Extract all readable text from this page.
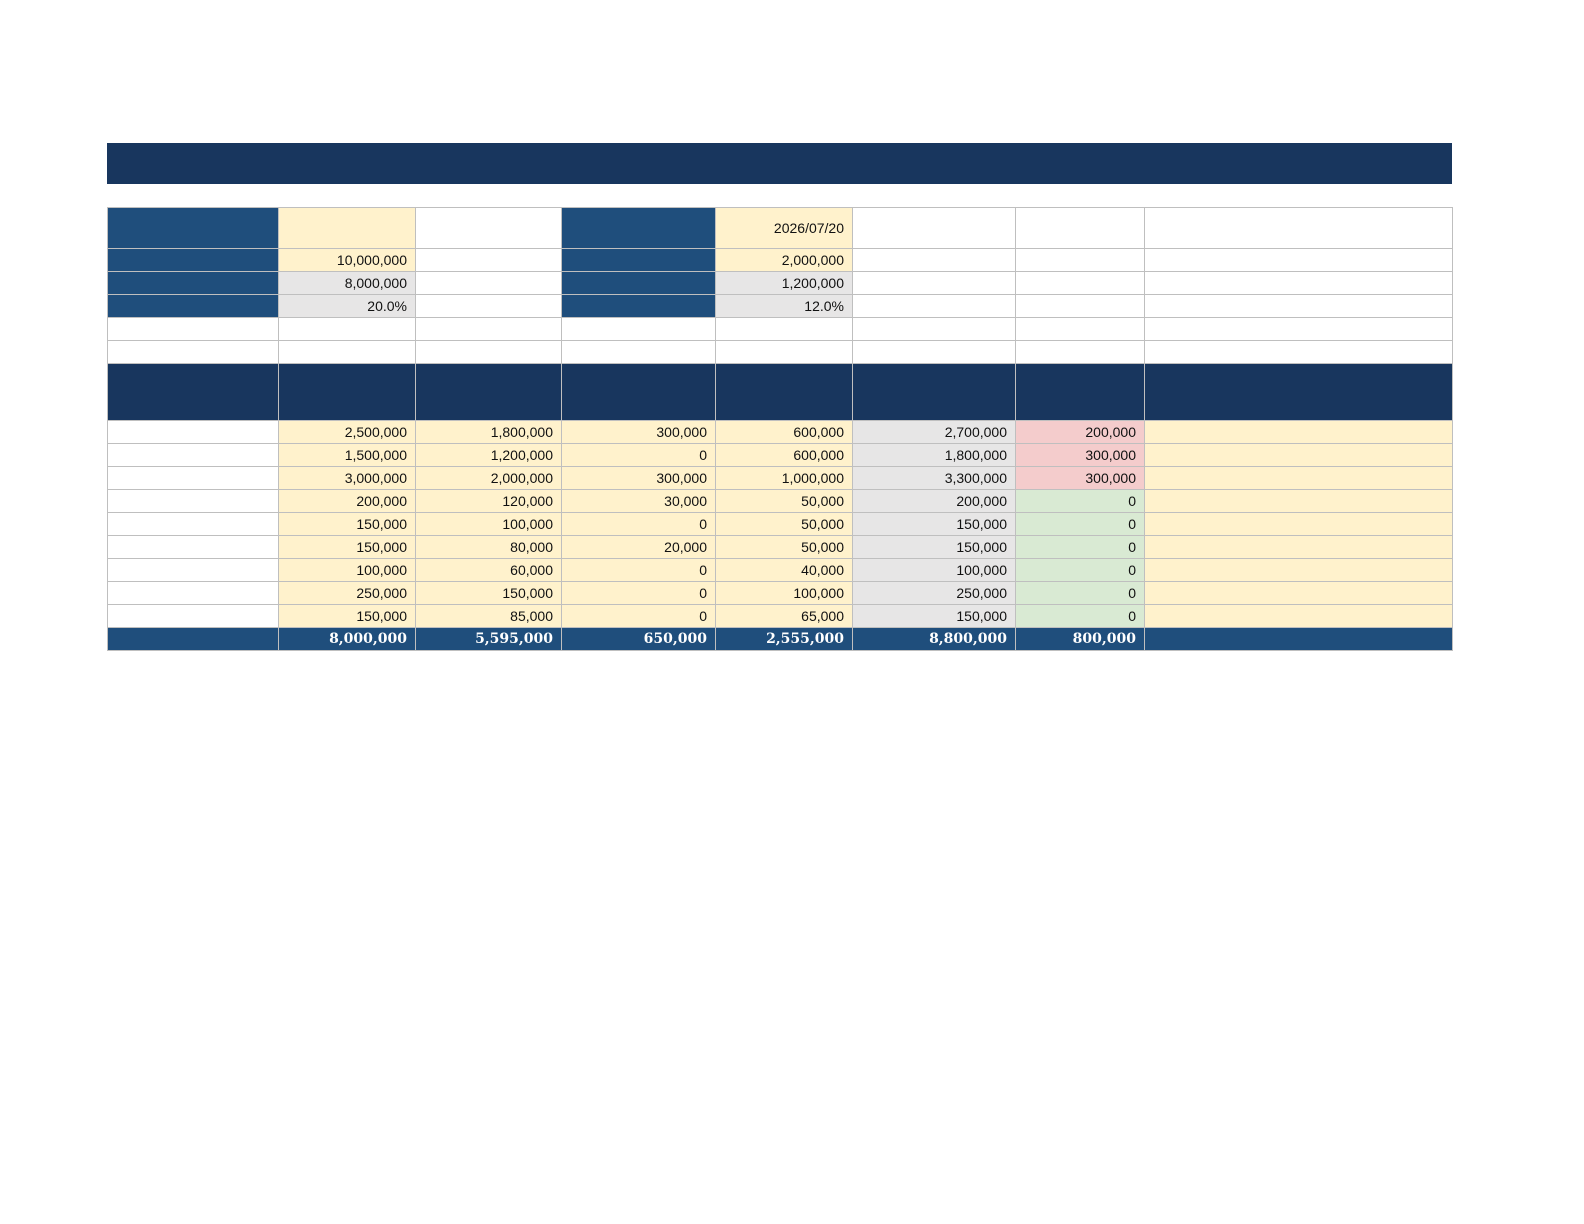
				2026/07/20			
	10,000,000			2,000,000			
	8,000,000			1,200,000			
	20.0%			12.0%			

	2,500,000	1,800,000	300,000	600,000	2,700,000	200,000	
	1,500,000	1,200,000	0	600,000	1,800,000	300,000	
	3,000,000	2,000,000	300,000	1,000,000	3,300,000	300,000	
	200,000	120,000	30,000	50,000	200,000	0	
	150,000	100,000	0	50,000	150,000	0	
	150,000	80,000	20,000	50,000	150,000	0	
	100,000	60,000	0	40,000	100,000	0	
	250,000	150,000	0	100,000	250,000	0	
	150,000	85,000	0	65,000	150,000	0	
	8,000,000	5,595,000	650,000	2,555,000	8,800,000	800,000	
